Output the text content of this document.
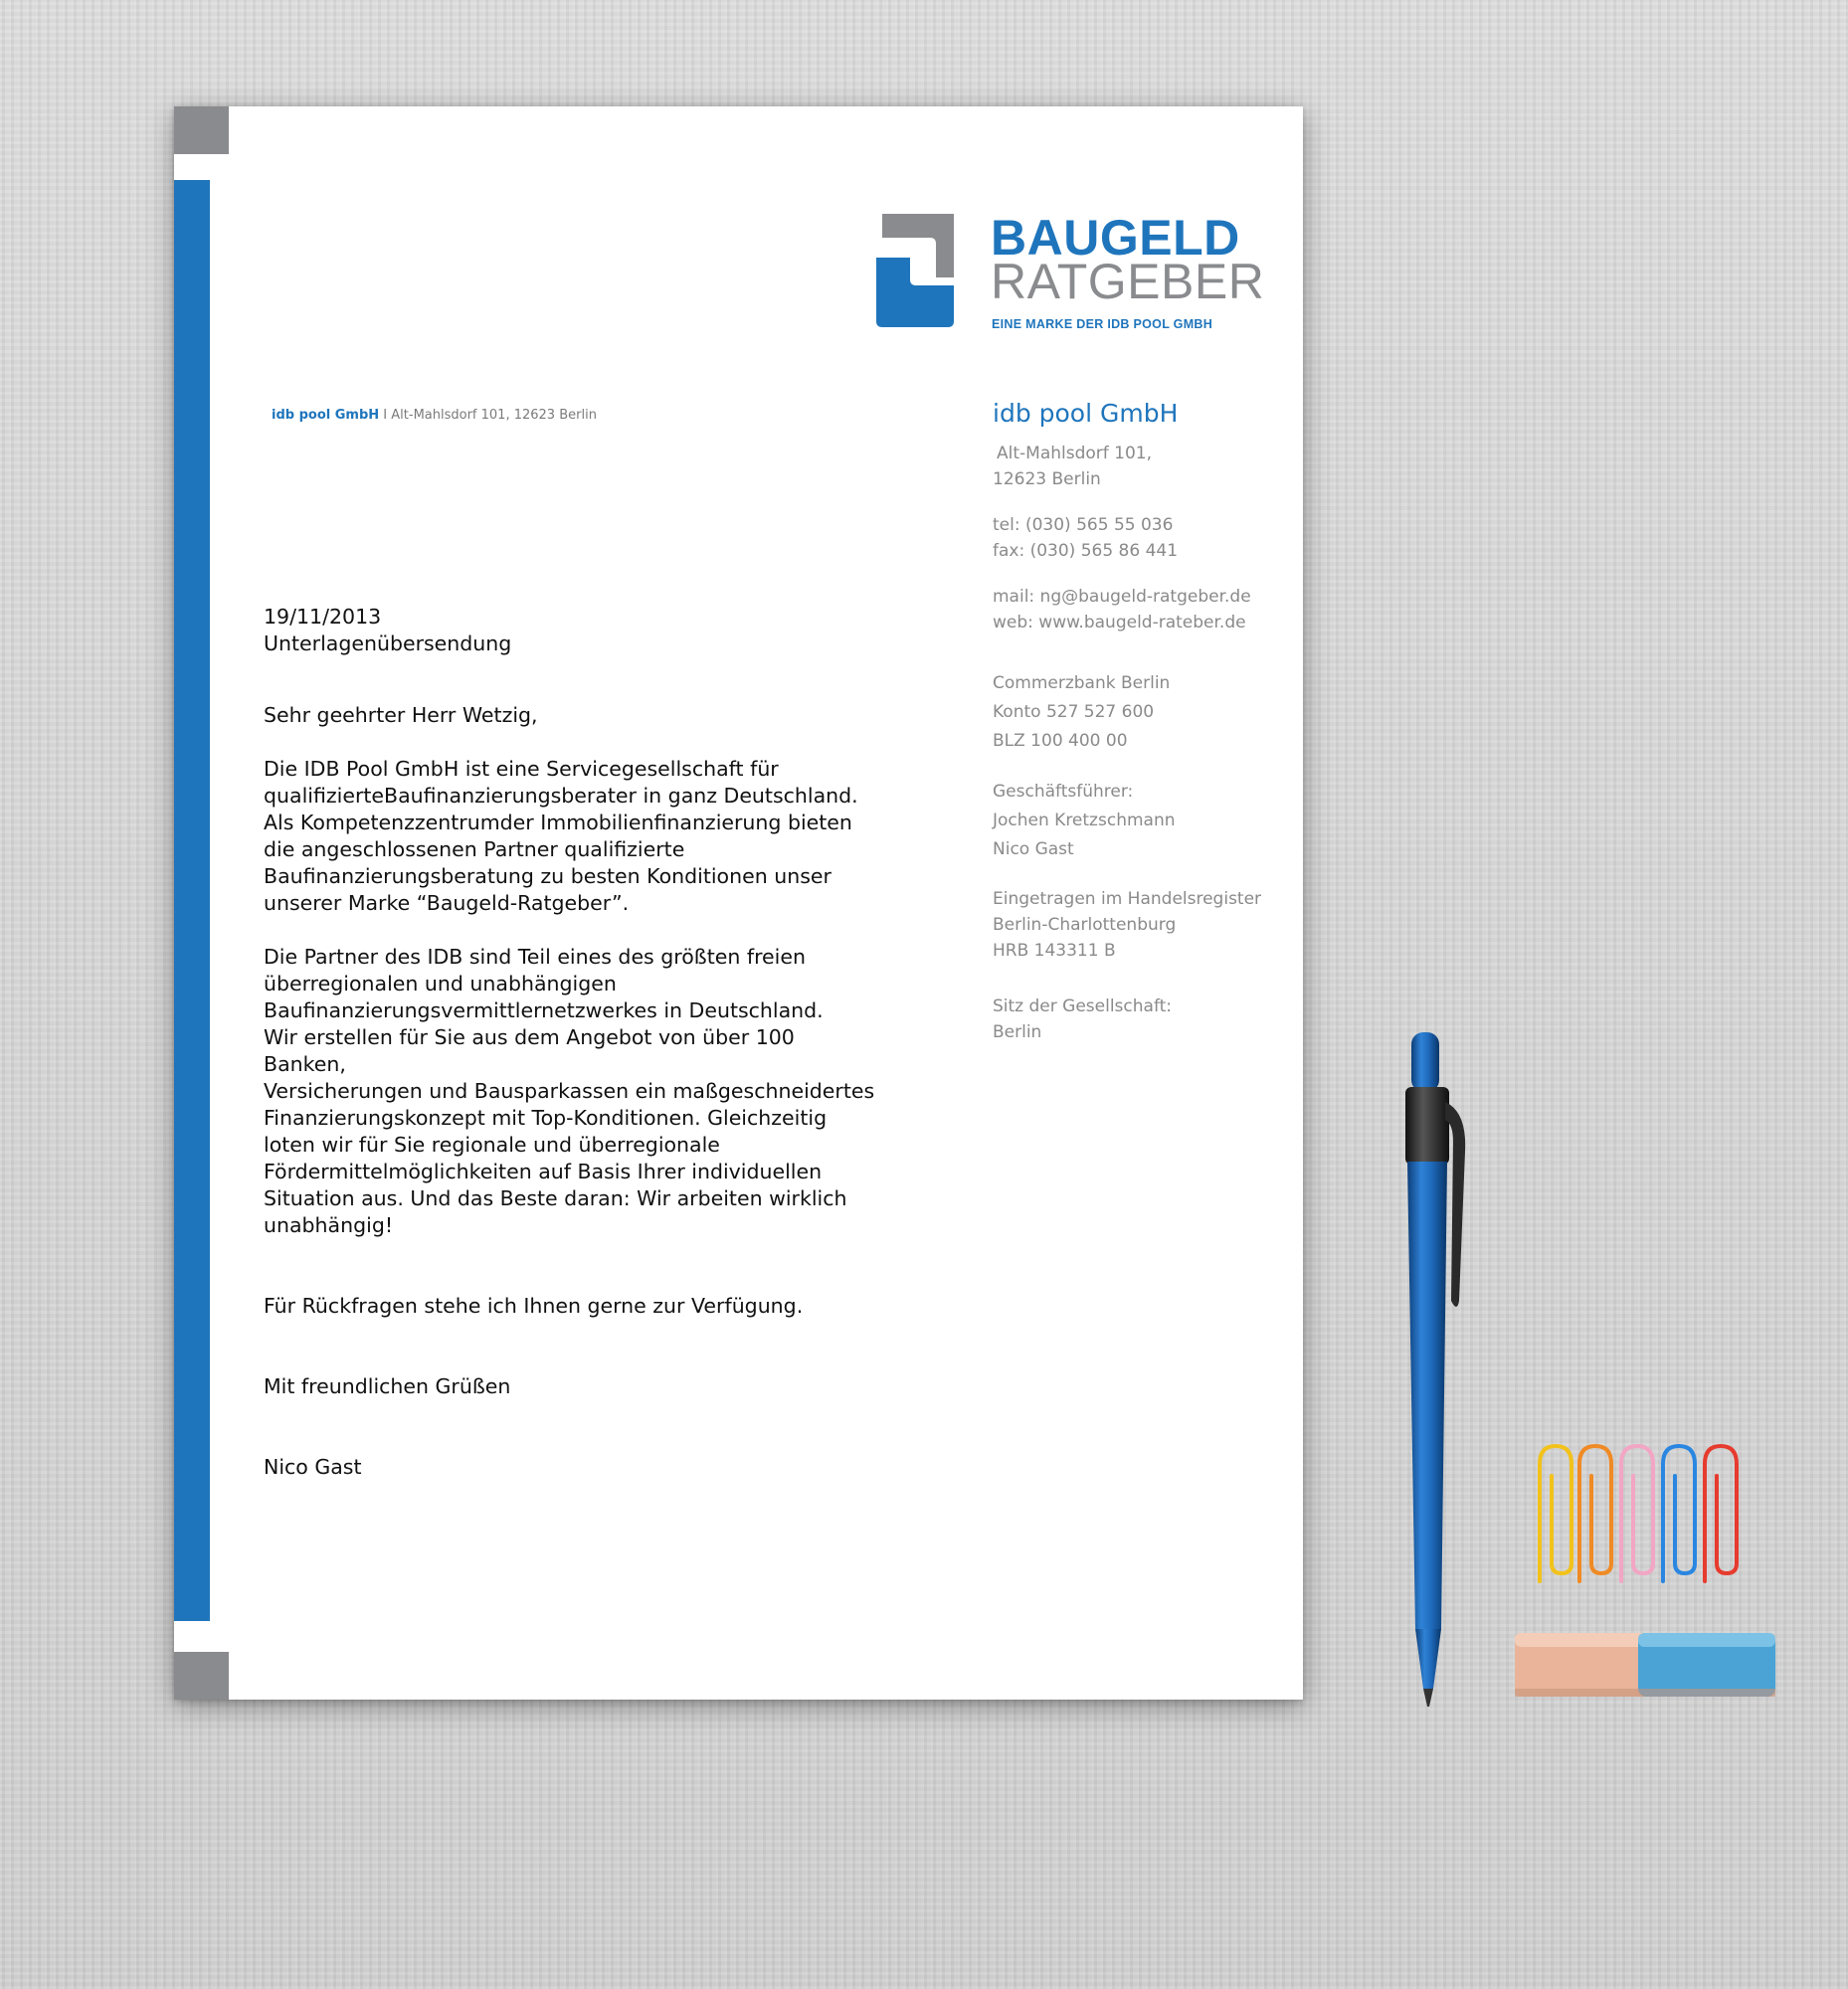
BAUGELD
RATGEBER
EINE MARKE DER IDB POOL GMBH
idb pool GmbH I Alt-Mahlsdorf 101, 12623 Berlin	idb pool GmbH
Alt-Mahlsdorf 101,
12623 Berlin
tel: (030) 565 55 036
fax: (030) 565 86 441
mail: ng@baugeld-ratgeber.de
web: www.baugeld-rateber.de
Commerzbank Berlin
Konto 527 527 600
BLZ 100 400 00
Geschäftsführer:
Jochen Kretzschmann
Nico Gast
Eingetragen im Handelsregister
Berlin-Charlottenburg
HRB 143311 B
Sitz der Gesellschaft:
Berlin

19/11/2013

Unterlagenübersendung

Sehr geehrter Herr Wetzig,

Die IDB Pool GmbH ist eine Servicegesellschaft für
qualifizierteBaufinanzierungsberater in ganz Deutschland.
Als Kompetenzzentrumder Immobilienfinanzierung bieten
die angeschlossenen Partner qualifizierte
Baufinanzierungsberatung zu besten Konditionen unser
unserer Marke “Baugeld-Ratgeber”.

Die Partner des IDB sind Teil eines des größten freien
überregionalen und unabhängigen
Baufinanzierungsvermittlernetzwerkes in Deutschland.
Wir erstellen für Sie aus dem Angebot von über 100 Banken,
Versicherungen und Bausparkassen ein maßgeschneidertes
Finanzierungskonzept mit Top-Konditionen. Gleichzeitig
loten wir für Sie regionale und überregionale
Fördermittelmöglichkeiten auf Basis Ihrer individuellen
Situation aus. Und das Beste daran: Wir arbeiten wirklich
unabhängig!

Für Rückfragen stehe ich Ihnen gerne zur Verfügung.

Mit freundlichen Grüßen

Nico Gast
